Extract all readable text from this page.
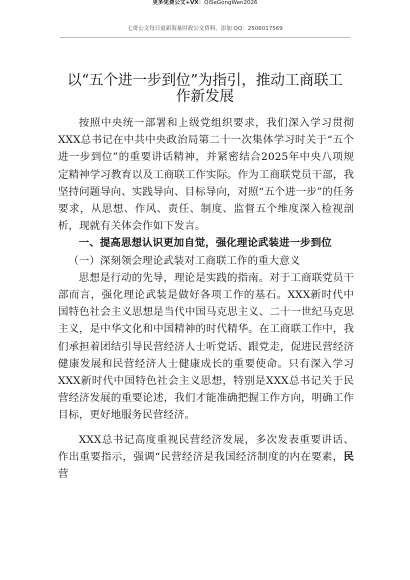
更多免费公文+VX：QiSeGongWen2026
七哥公文每日更新海量时政公文资料，添加 QQ：2506017569
以“五个进一步到位”为指引，推动工商联工
作新发展

按照中央统一部署和上级党组织要求，我们深入学习贯彻XXX总书记在中共中央政治局第二十一次集体学习时关于“五个进一步到位”的重要讲话精神，并紧密结合2025年中央八项规定精神学习教育以及工商联工作实际。作为工商联党员干部，我坚持问题导向、实践导向、目标导向，对照“五个进一步”的任务要求，从思想、作风、责任、制度、监督五个维度深入检视剖析，现就有关体会作如下发言。

一、提高思想认识更加自觉，强化理论武装进一步到位

（一）深刻领会理论武装对工商联工作的重大意义

思想是行动的先导，理论是实践的指南。对于工商联党员干部而言，强化理论武装是做好各项工作的基石。XXX新时代中国特色社会主义思想是当代中国马克思主义、二十一世纪马克思主义，是中华文化和中国精神的时代精华。在工商联工作中，我们承担着团结引导民营经济人士听党话、跟党走，促进民营经济健康发展和民营经济人士健康成长的重要使命。只有深入学习XXX新时代中国特色社会主义思想，特别是XXX总书记关于民营经济发展的重要论述，我们才能准确把握工作方向，明确工作目标，更好地服务民营经济。

XXX总书记高度重视民营经济发展，多次发表重要讲话、作出重要指示，强调“民营经济是我国经济制度的内在要素，民营
